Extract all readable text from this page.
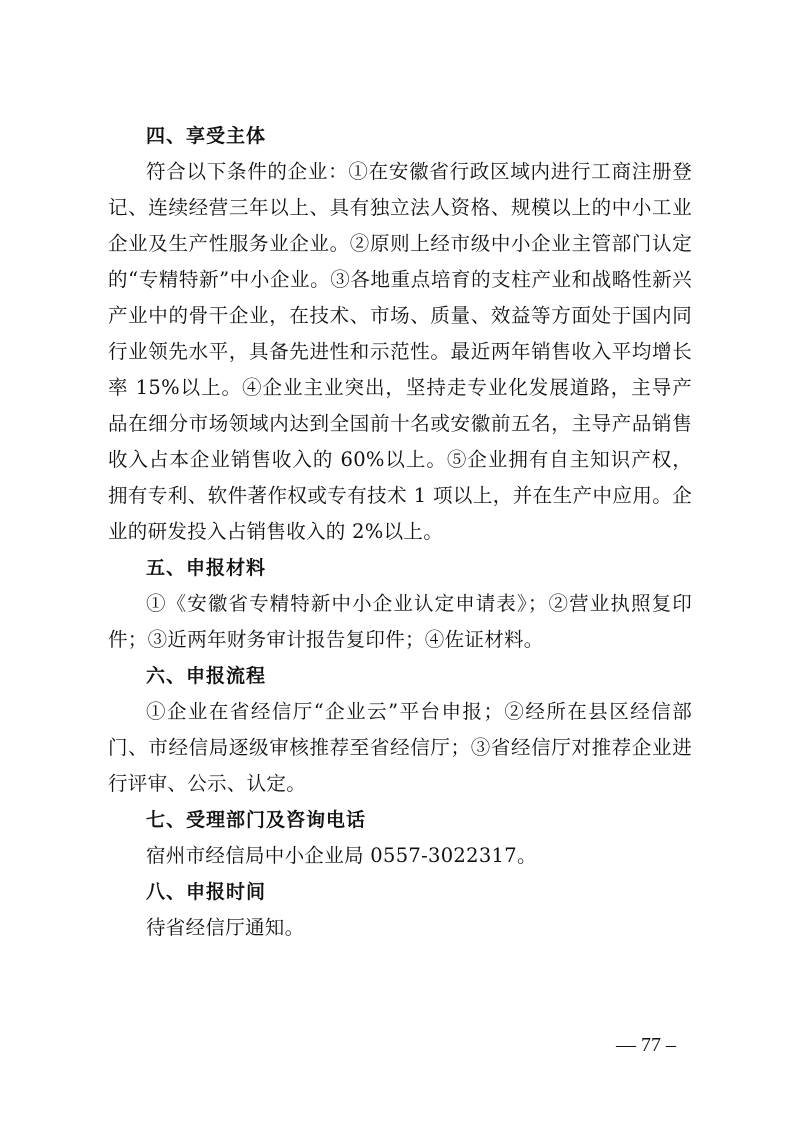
四、享受主体

符合以下条件的企业：①在安徽省行政区域内进行工商注册登记、连续经营三年以上、具有独立法人资格、规模以上的中小工业企业及生产性服务业企业。②原则上经市级中小企业主管部门认定的“专精特新”中小企业。③各地重点培育的支柱产业和战略性新兴产业中的骨干企业，在技术、市场、质量、效益等方面处于国内同行业领先水平，具备先进性和示范性。最近两年销售收入平均增长率 15%以上。④企业主业突出，坚持走专业化发展道路，主导产品在细分市场领域内达到全国前十名或安徽前五名，主导产品销售收入占本企业销售收入的 60%以上。⑤企业拥有自主知识产权，拥有专利、软件著作权或专有技术 1 项以上，并在生产中应用。企业的研发投入占销售收入的 2%以上。

五、申报材料

①《安徽省专精特新中小企业认定申请表》；②营业执照复印件；③近两年财务审计报告复印件；④佐证材料。

六、申报流程

①企业在省经信厅“企业云”平台申报；②经所在县区经信部门、市经信局逐级审核推荐至省经信厅；③省经信厅对推荐企业进行评审、公示、认定。

七、受理部门及咨询电话

宿州市经信局中小企业局 0557-3022317。

八、申报时间

待省经信厅通知。

— 77 –
